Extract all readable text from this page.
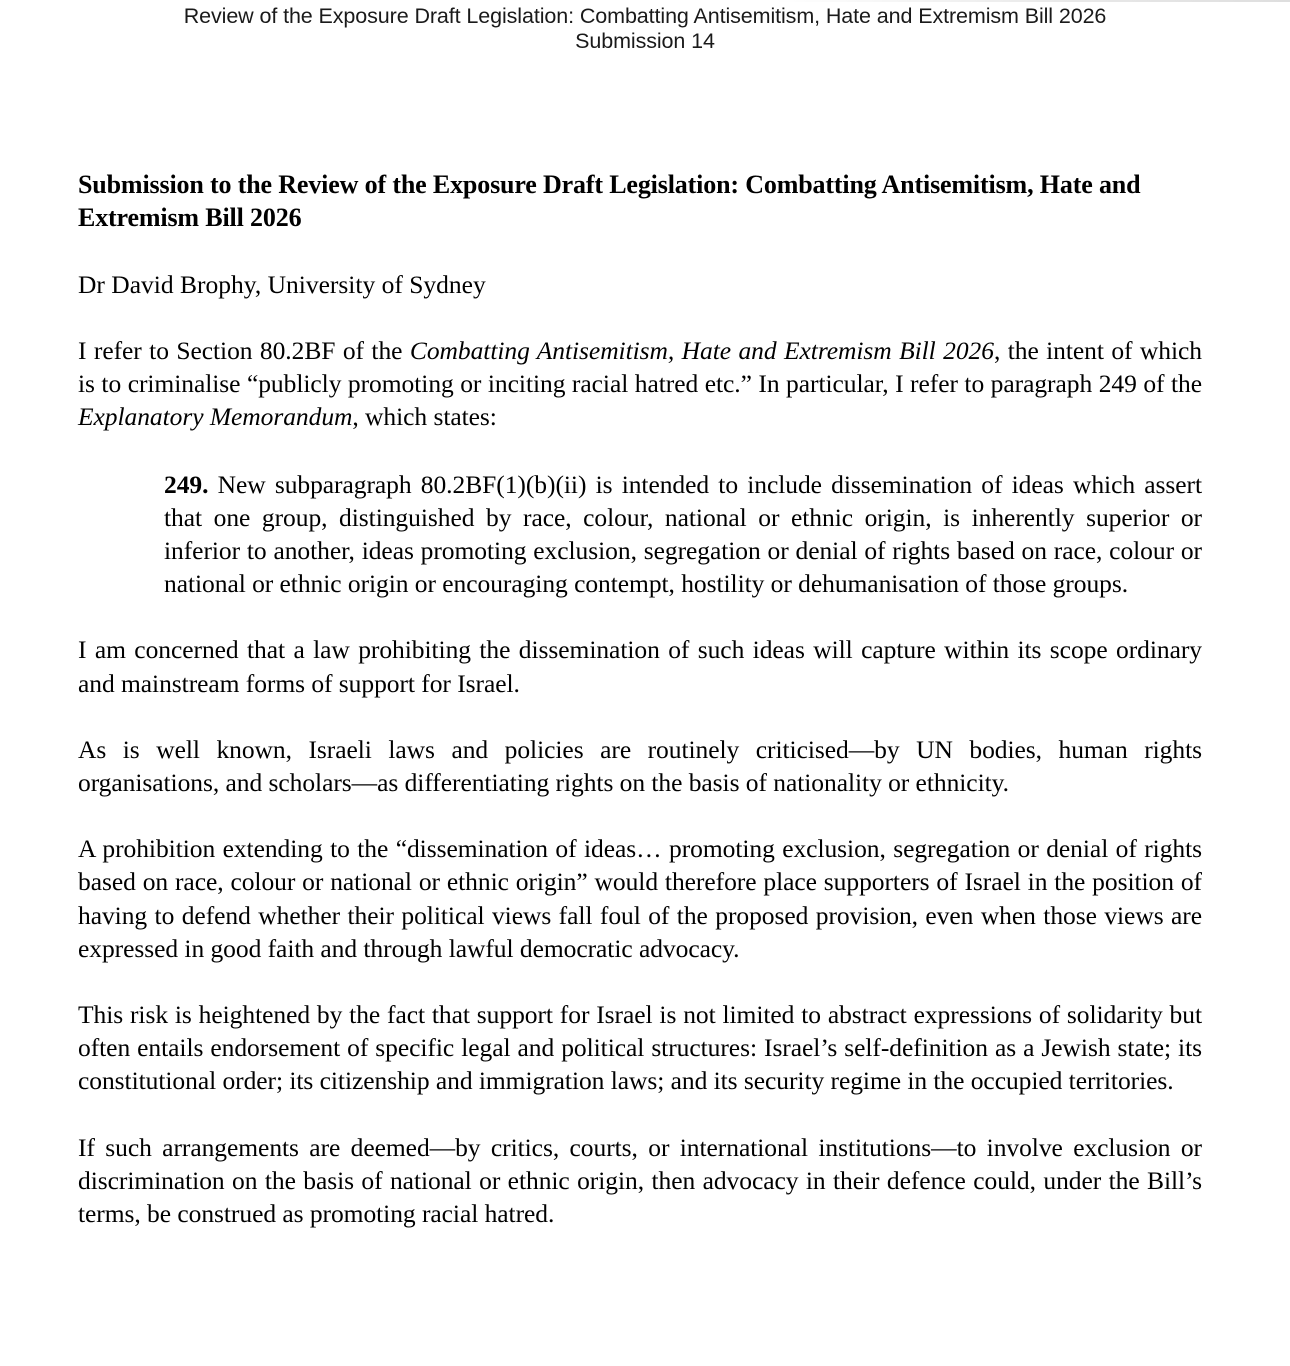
Review of the Exposure Draft Legislation: Combatting Antisemitism, Hate and Extremism Bill 2026
Submission 14
Submission to the Review of the Exposure Draft Legislation: Combatting Antisemitism, Hate and Extremism Bill 2026

Dr David Brophy, University of Sydney

I refer to Section 80.2BF of the Combatting Antisemitism, Hate and Extremism Bill 2026, the intent of which is to criminalise “publicly promoting or inciting racial hatred etc.” In particular, I refer to paragraph 249 of the Explanatory Memorandum, which states:

249. New subparagraph 80.2BF(1)(b)(ii) is intended to include dissemination of ideas which assert that one group, distinguished by race, colour, national or ethnic origin, is inherently superior or inferior to another, ideas promoting exclusion, segregation or denial of rights based on race, colour or national or ethnic origin or encouraging contempt, hostility or dehumanisation of those groups.

I am concerned that a law prohibiting the dissemination of such ideas will capture within its scope ordinary and mainstream forms of support for Israel.

As is well known, Israeli laws and policies are routinely criticised—by UN bodies, human rights organisations, and scholars—as differentiating rights on the basis of nationality or ethnicity.

A prohibition extending to the “dissemination of ideas… promoting exclusion, segregation or denial of rights based on race, colour or national or ethnic origin” would therefore place supporters of Israel in the position of having to defend whether their political views fall foul of the proposed provision, even when those views are expressed in good faith and through lawful democratic advocacy.

This risk is heightened by the fact that support for Israel is not limited to abstract expressions of solidarity but often entails endorsement of specific legal and political structures: Israel’s self-definition as a Jewish state; its constitutional order; its citizenship and immigration laws; and its security regime in the occupied territories.

If such arrangements are deemed—by critics, courts, or international institutions—to involve exclusion or discrimination on the basis of national or ethnic origin, then advocacy in their defence could, under the Bill’s terms, be construed as promoting racial hatred.
